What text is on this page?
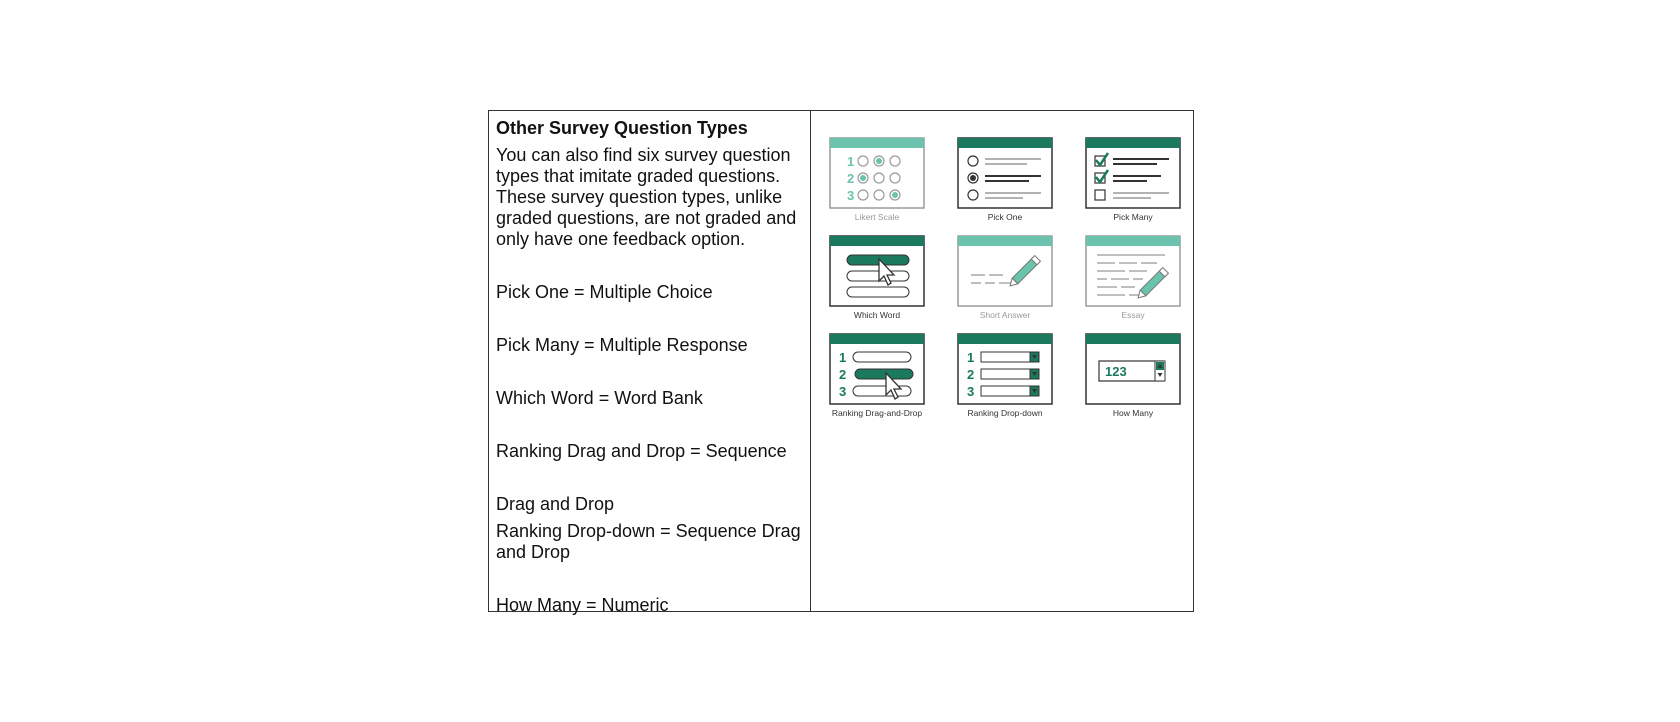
Other Survey Question Types

You can also find six survey question types that imitate graded questions. These survey question types, unlike graded questions, are not graded and only have one feedback option.

Pick One = Multiple Choice

Pick Many = Multiple Response

Which Word = Word Bank

Ranking Drag and Drop = Sequence

Drag and Drop

Ranking Drop-down = Sequence Drag and Drop

How Many = Numeric

1
2
3
Likert Scale	Pick One	Pick Many
Which Word	Short Answer	Essay
1
2
3
Ranking Drag-and-Drop
1
2
3
Ranking Drop-down
123
How Many
